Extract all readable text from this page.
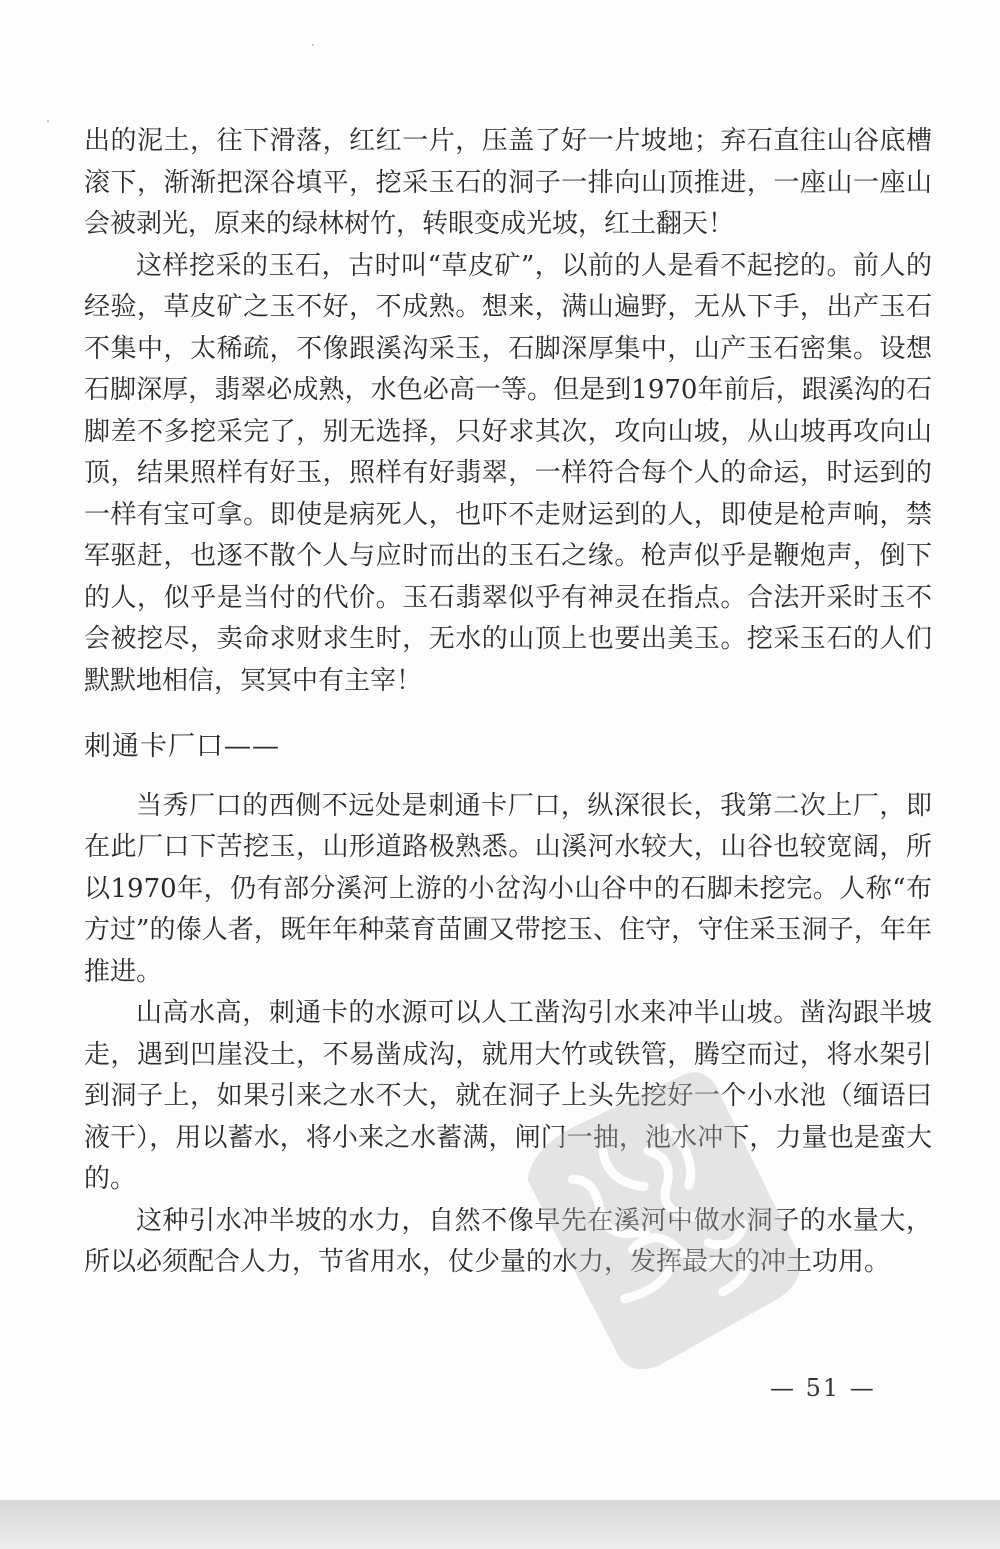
出的泥土，往下滑落，红红一片，压盖了好一片坡地；弃石直往山谷底槽滚下，渐渐把深谷填平，挖采玉石的洞子一排向山顶推进，一座山一座山会被剥光，原来的绿林树竹，转眼变成光坡，红土翻天！

这样挖采的玉石，古时叫“草皮矿”，以前的人是看不起挖的。前人的经验，草皮矿之玉不好，不成熟。想来，满山遍野，无从下手，出产玉石不集中，太稀疏，不像跟溪沟采玉，石脚深厚集中，山产玉石密集。设想石脚深厚，翡翠必成熟，水色必高一等。但是到1970年前后，跟溪沟的石脚差不多挖采完了，别无选择，只好求其次，攻向山坡，从山坡再攻向山顶，结果照样有好玉，照样有好翡翠，一样符合每个人的命运，时运到的一样有宝可拿。即使是病死人，也吓不走财运到的人，即使是枪声响，禁军驱赶，也逐不散个人与应时而出的玉石之缘。枪声似乎是鞭炮声，倒下的人，似乎是当付的代价。玉石翡翠似乎有神灵在指点。合法开采时玉不会被挖尽，卖命求财求生时，无水的山顶上也要出美玉。挖采玉石的人们默默地相信，冥冥中有主宰！

刺通卡厂口——

当秀厂口的西侧不远处是刺通卡厂口，纵深很长，我第二次上厂，即在此厂口下苦挖玉，山形道路极熟悉。山溪河水较大，山谷也较宽阔，所以1970年，仍有部分溪河上游的小岔沟小山谷中的石脚未挖完。人称“布方过”的傣人者，既年年种菜育苗圃又带挖玉、住守，守住采玉洞子，年年推进。

山高水高，刺通卡的水源可以人工凿沟引水来冲半山坡。凿沟跟半坡走，遇到凹崖没土，不易凿成沟，就用大竹或铁管，腾空而过，将水架引到洞子上，如果引来之水不大，就在洞子上头先挖好一个小水池（缅语曰液干），用以蓄水，将小来之水蓄满，闸门一抽，池水冲下，力量也是蛮大的。

这种引水冲半坡的水力，自然不像早先在溪河中做水洞子的水量大，所以必须配合人力，节省用水，仗少量的水力，发挥最大的冲土功用。

— 51 —
